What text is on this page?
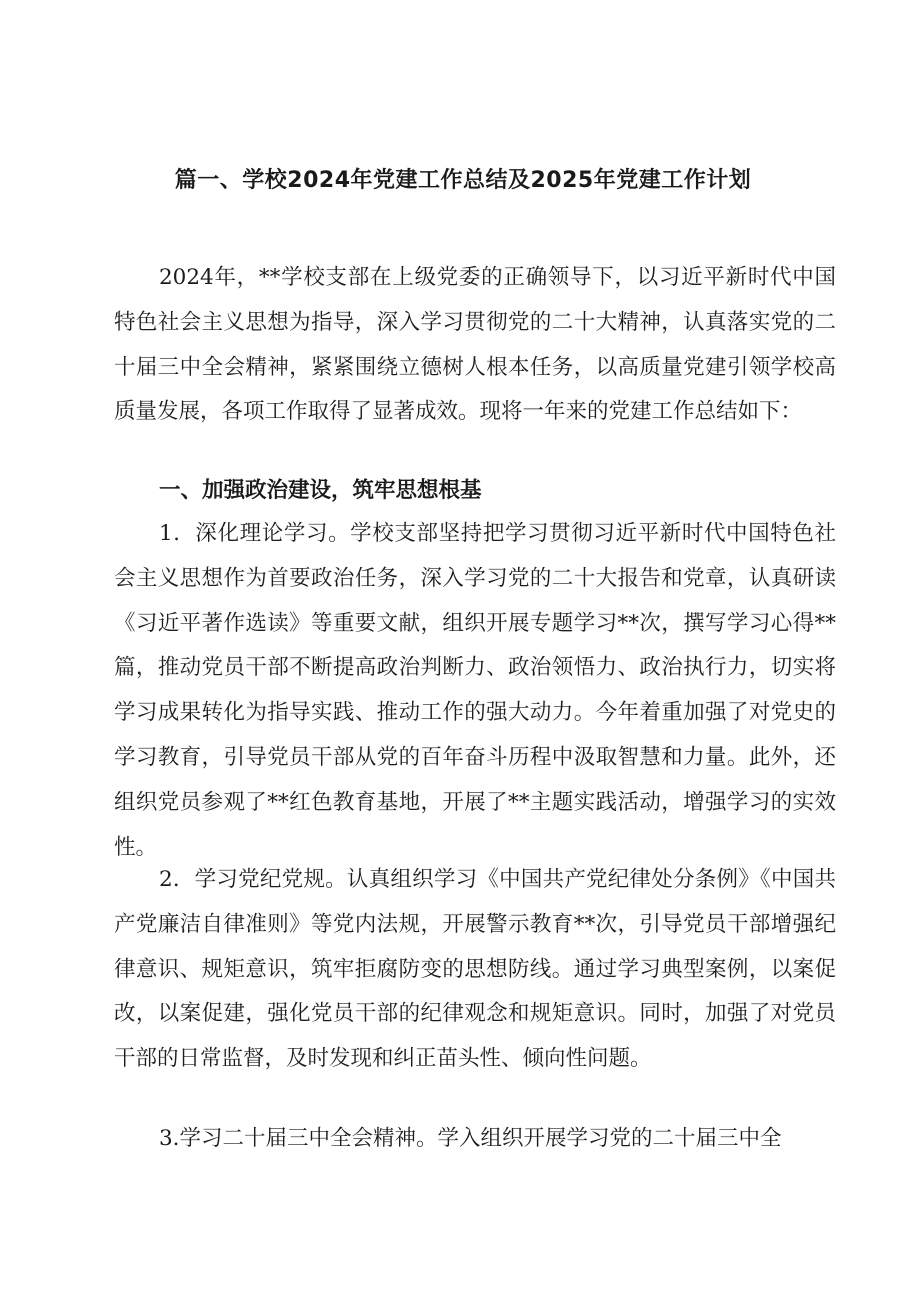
篇一、学校2024年党建工作总结及2025年党建工作计划

2024年，**学校支部在上级党委的正确领导下，以习近平新时代中国特色社会主义思想为指导，深入学习贯彻党的二十大精神，认真落实党的二十届三中全会精神，紧紧围绕立德树人根本任务，以高质量党建引领学校高质量发展，各项工作取得了显著成效。现将一年来的党建工作总结如下：

一、加强政治建设，筑牢思想根基

1．深化理论学习。学校支部坚持把学习贯彻习近平新时代中国特色社会主义思想作为首要政治任务，深入学习党的二十大报告和党章，认真研读《习近平著作选读》等重要文献，组织开展专题学习**次，撰写学习心得**篇，推动党员干部不断提高政治判断力、政治领悟力、政治执行力，切实将学习成果转化为指导实践、推动工作的强大动力。今年着重加强了对党史的学习教育，引导党员干部从党的百年奋斗历程中汲取智慧和力量。此外，还组织党员参观了**红色教育基地，开展了**主题实践活动，增强学习的实效性。

2．学习党纪党规。认真组织学习《中国共产党纪律处分条例》《中国共产党廉洁自律准则》等党内法规，开展警示教育**次，引导党员干部增强纪律意识、规矩意识，筑牢拒腐防变的思想防线。通过学习典型案例，以案促改，以案促建，强化党员干部的纪律观念和规矩意识。同时，加强了对党员干部的日常监督，及时发现和纠正苗头性、倾向性问题。

3.学习二十届三中全会精神。学入组织开展学习党的二十届三中全
